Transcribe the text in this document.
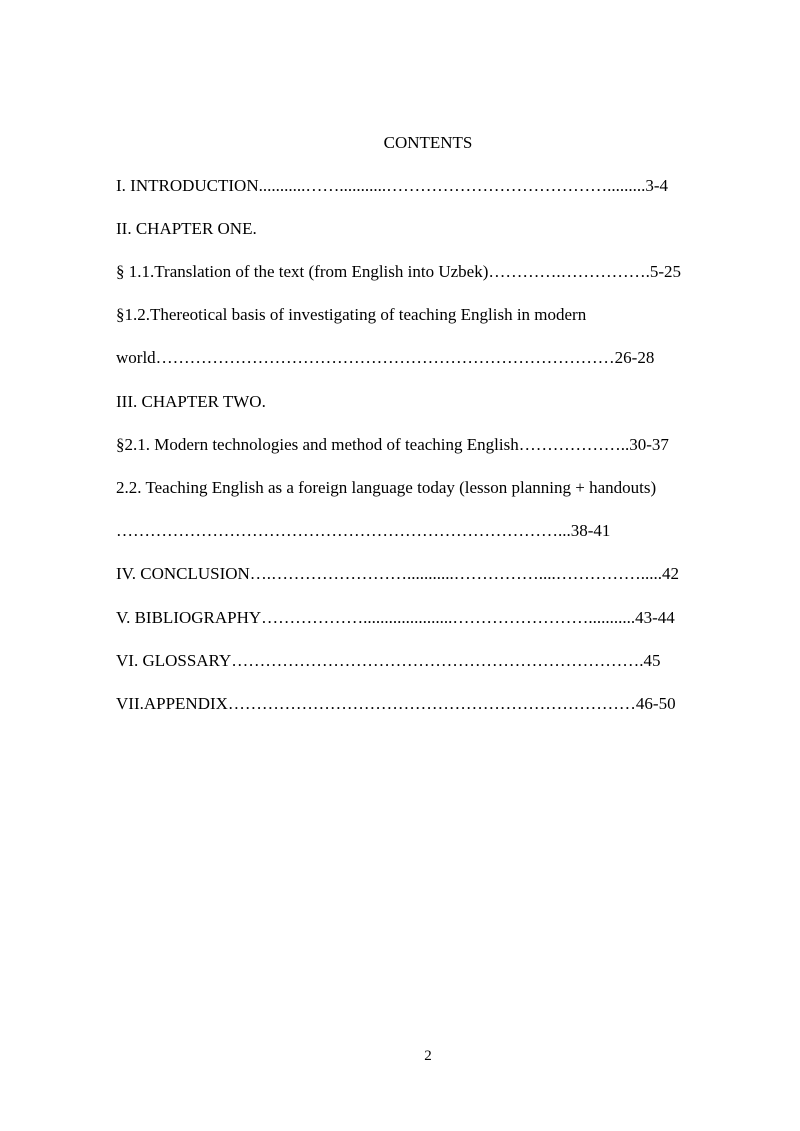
CONTENTS
I. INTRODUCTION...........……...........………………………………….........3-4
II. CHAPTER ONE.
§ 1.1.Translation of the text (from English into Uzbek)………….…………….5-25
§1.2.Thereotical basis of investigating of teaching English in modern
world………………………………………………………………………26-28
III. CHAPTER TWO.
§2.1. Modern technologies and method of teaching English………………..30-37
2.2. Teaching English as a foreign language today (lesson planning + handouts)
……………………………………………………………………...38-41
IV. CONCLUSION….……………………...........……………....…………….....42
V. BIBLIOGRAPHY……………….....................……………………...........43-44
VI. GLOSSARY……………………………………………………………….45
VII.APPENDIX………………………………………………………………46-50
2
